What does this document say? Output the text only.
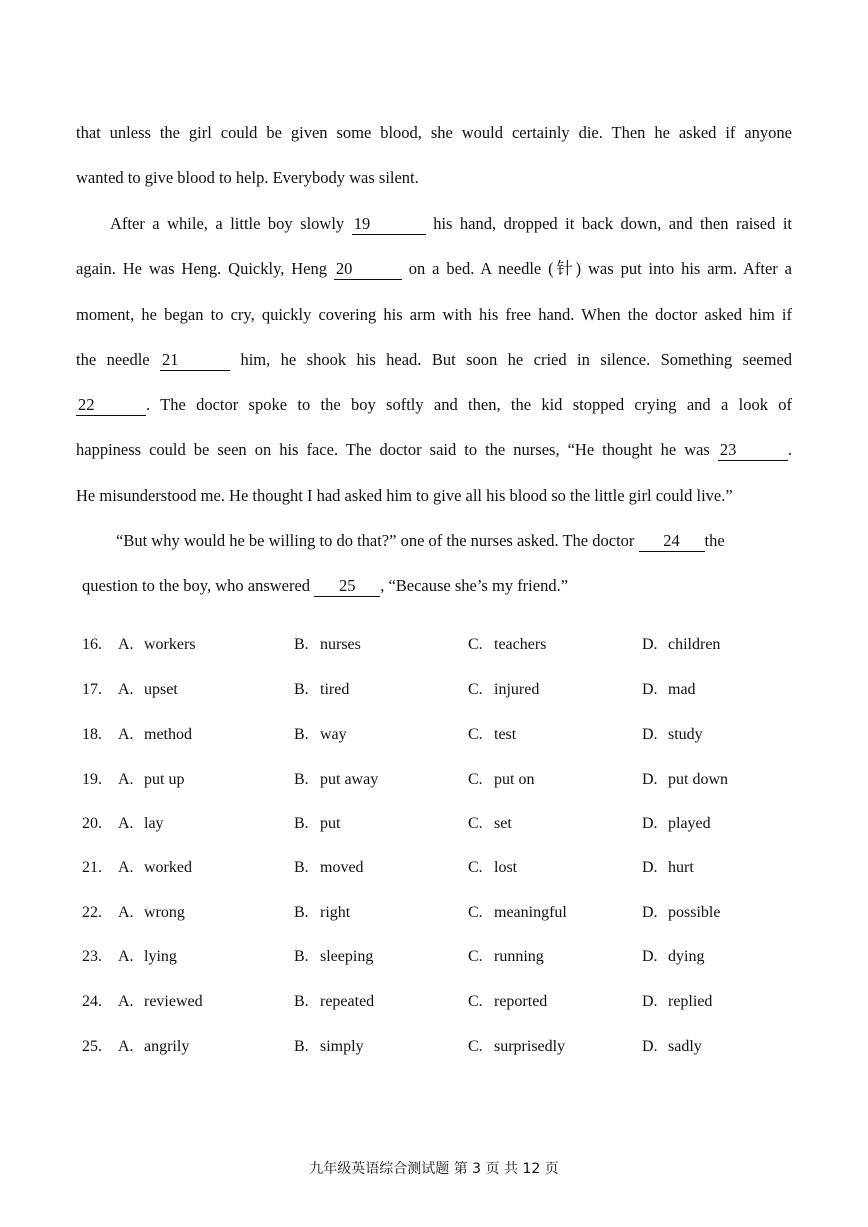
that unless the girl could be given some blood, she would certainly die. Then he asked if anyone
wanted to give blood to help. Everybody was silent.
After a while, a little boy slowly 19	his hand, dropped it back down, and then raised it
again. He was Heng. Quickly, Heng 20	on a bed. A needle (针) was put into his arm. After a
moment, he began to cry, quickly covering his arm with his free hand. When the doctor asked him if
the needle 21	him, he shook his head. But soon he cried in silence. Something seemed
22	. The doctor spoke to the boy softly and then, the kid stopped crying and a look of
happiness could be seen on his face. The doctor said to the nurses, “He thought he was 23	.
He misunderstood me. He thought I had asked him to give all his blood so the little girl could live.”
“But why would he be willing to do that?” one of the nurses asked. The doctor 24 the
question to the boy, who answered 25 , “Because she’s my friend.”
16.	A. workers	B. nurses	C. teachers	D. children
17.	A. upset	B. tired	C. injured	D. mad
18.	A. method	B. way	C. test	D. study
19.	A. put up	B. put away	C. put on	D. put down
20.	A. lay	B. put	C. set	D. played
21.	A. worked	B. moved	C. lost	D. hurt
22.	A. wrong	B. right	C. meaningful	D. possible
23.	A. lying	B. sleeping	C. running	D. dying
24.	A. reviewed	B. repeated	C. reported	D. replied
25.	A. angrily	B. simply	C. surprisedly	D. sadly
九年级英语综合测试题 第 3 页 共 12 页
